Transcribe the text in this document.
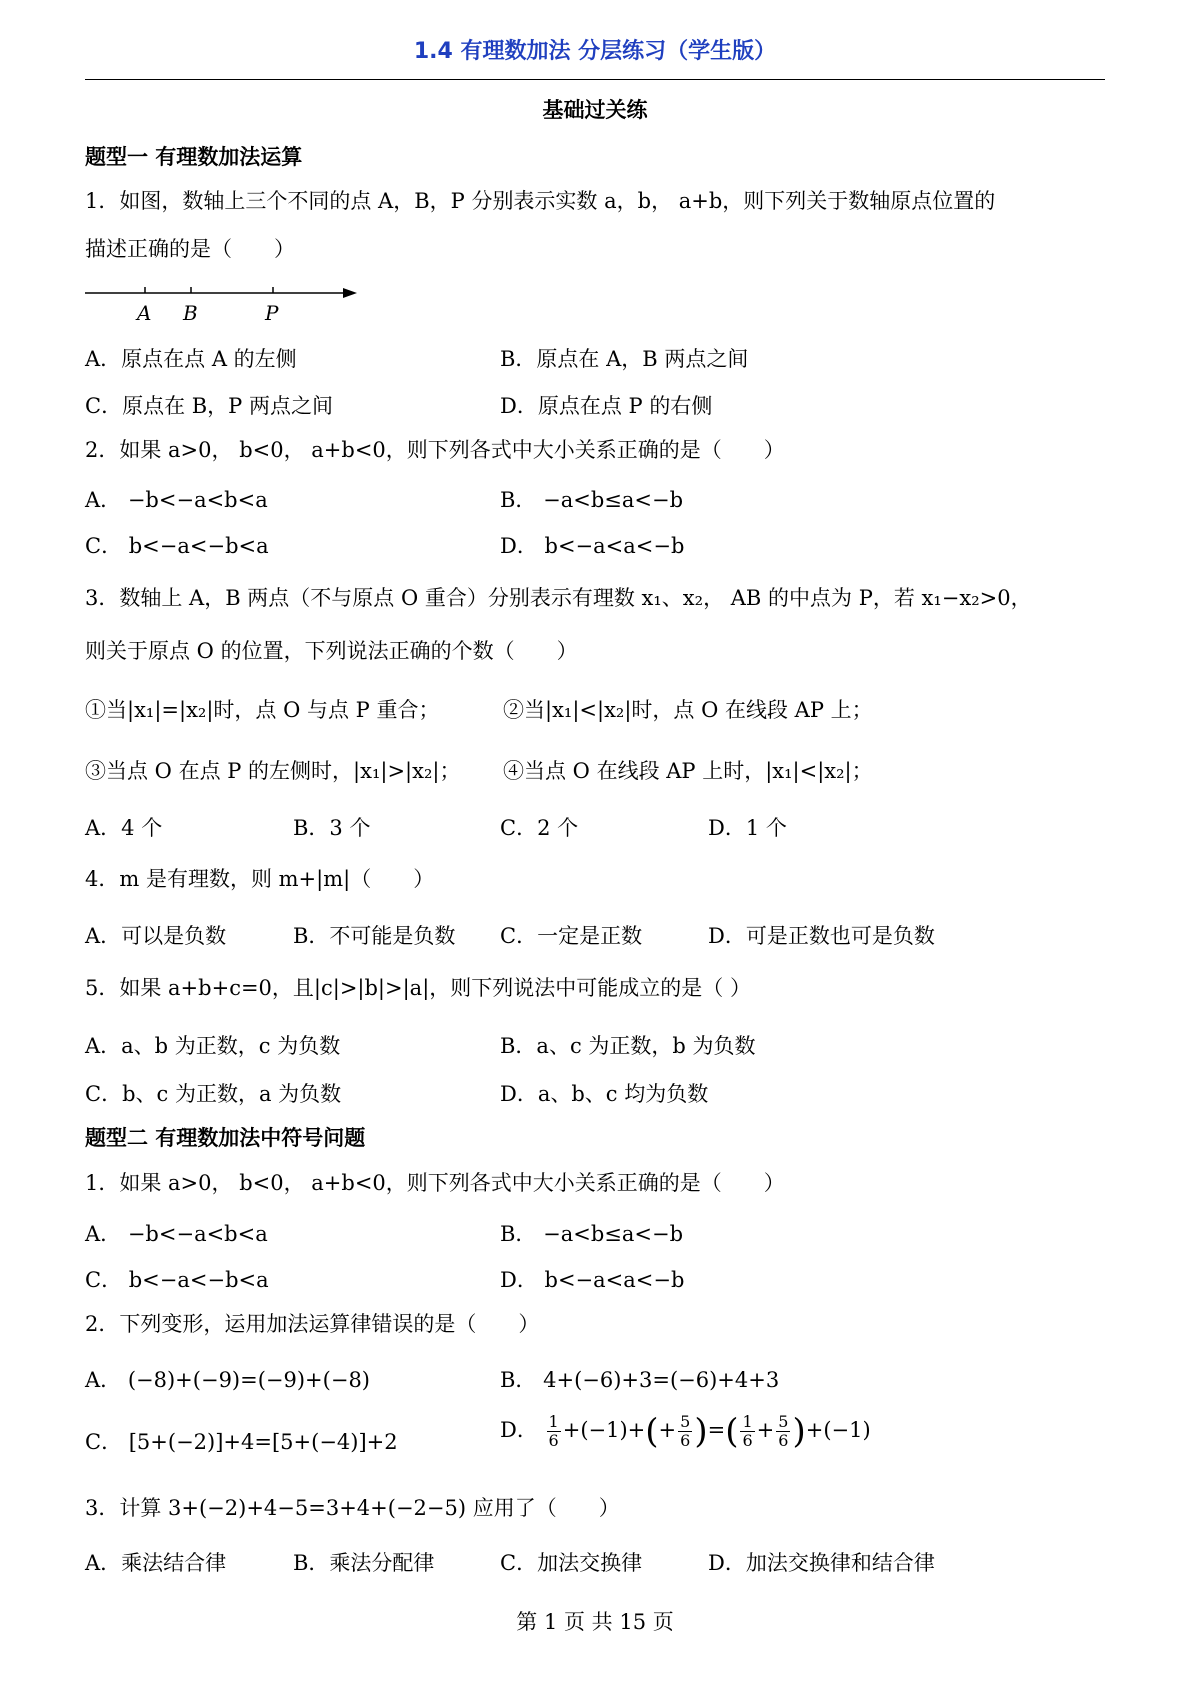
1.4 有理数加法 分层练习（学生版）
基础过关练
题型一 有理数加法运算
1．如图，数轴上三个不同的点 A，B，P 分别表示实数 a，b， a+b，则下列关于数轴原点位置的
描述正确的是（　　）
A B	P
A．原点在点 A 的左侧	B．原点在 A，B 两点之间
C．原点在 B，P 两点之间	D．原点在点 P 的右侧
2．如果 a>0， b<0， a+b<0，则下列各式中大小关系正确的是（　　）
A． −b<−a<b<a	B． −a<b≤a<−b
C． b<−a<−b<a	D． b<−a<a<−b
3．数轴上 A，B 两点（不与原点 O 重合）分别表示有理数 x₁、x₂， AB 的中点为 P，若 x₁−x₂>0，
则关于原点 O 的位置，下列说法正确的个数（　　）
①当|x₁|=|x₂|时，点 O 与点 P 重合；	②当|x₁|<|x₂|时，点 O 在线段 AP 上；
③当点 O 在点 P 的左侧时，|x₁|>|x₂|； ④当点 O 在线段 AP 上时，|x₁|<|x₂|；
A．4 个	B．3 个	C．2 个	D．1 个
4．m 是有理数，则 m+|m|（　　）
A．可以是负数	B．不可能是负数 C．一定是正数	D．可是正数也可是负数
5．如果 a+b+c=0，且|c|>|b|>|a|，则下列说法中可能成立的是（ ）
A．a、b 为正数，c 为负数	B．a、c 为正数，b 为负数
C．b、c 为正数，a 为负数	D．a、b、c 均为负数
题型二 有理数加法中符号问题
1．如果 a>0， b<0， a+b<0，则下列各式中大小关系正确的是（　　）
A． −b<−a<b<a	B． −a<b≤a<−b
C． b<−a<−b<a	D． b<−a<a<−b
2．下列变形，运用加法运算律错误的是（　　）
A． (−8)+(−9)=(−9)+(−8)	B． 4+(−6)+3=(−6)+4+3
C． [5+(−2)]+4=[5+(−4)]+2	D． $\frac{1}{6} +(-1)+(+ \frac{5}{6}$ )=( $\frac{1}{6} + \frac{5}{6} )+(-1)$
3．计算 3+(−2)+4−5=3+4+(−2−5) 应用了（　　）
A．乘法结合律	B．乘法分配律	C．加法交换律	D．加法交换律和结合律
第 1 页 共 15 页
